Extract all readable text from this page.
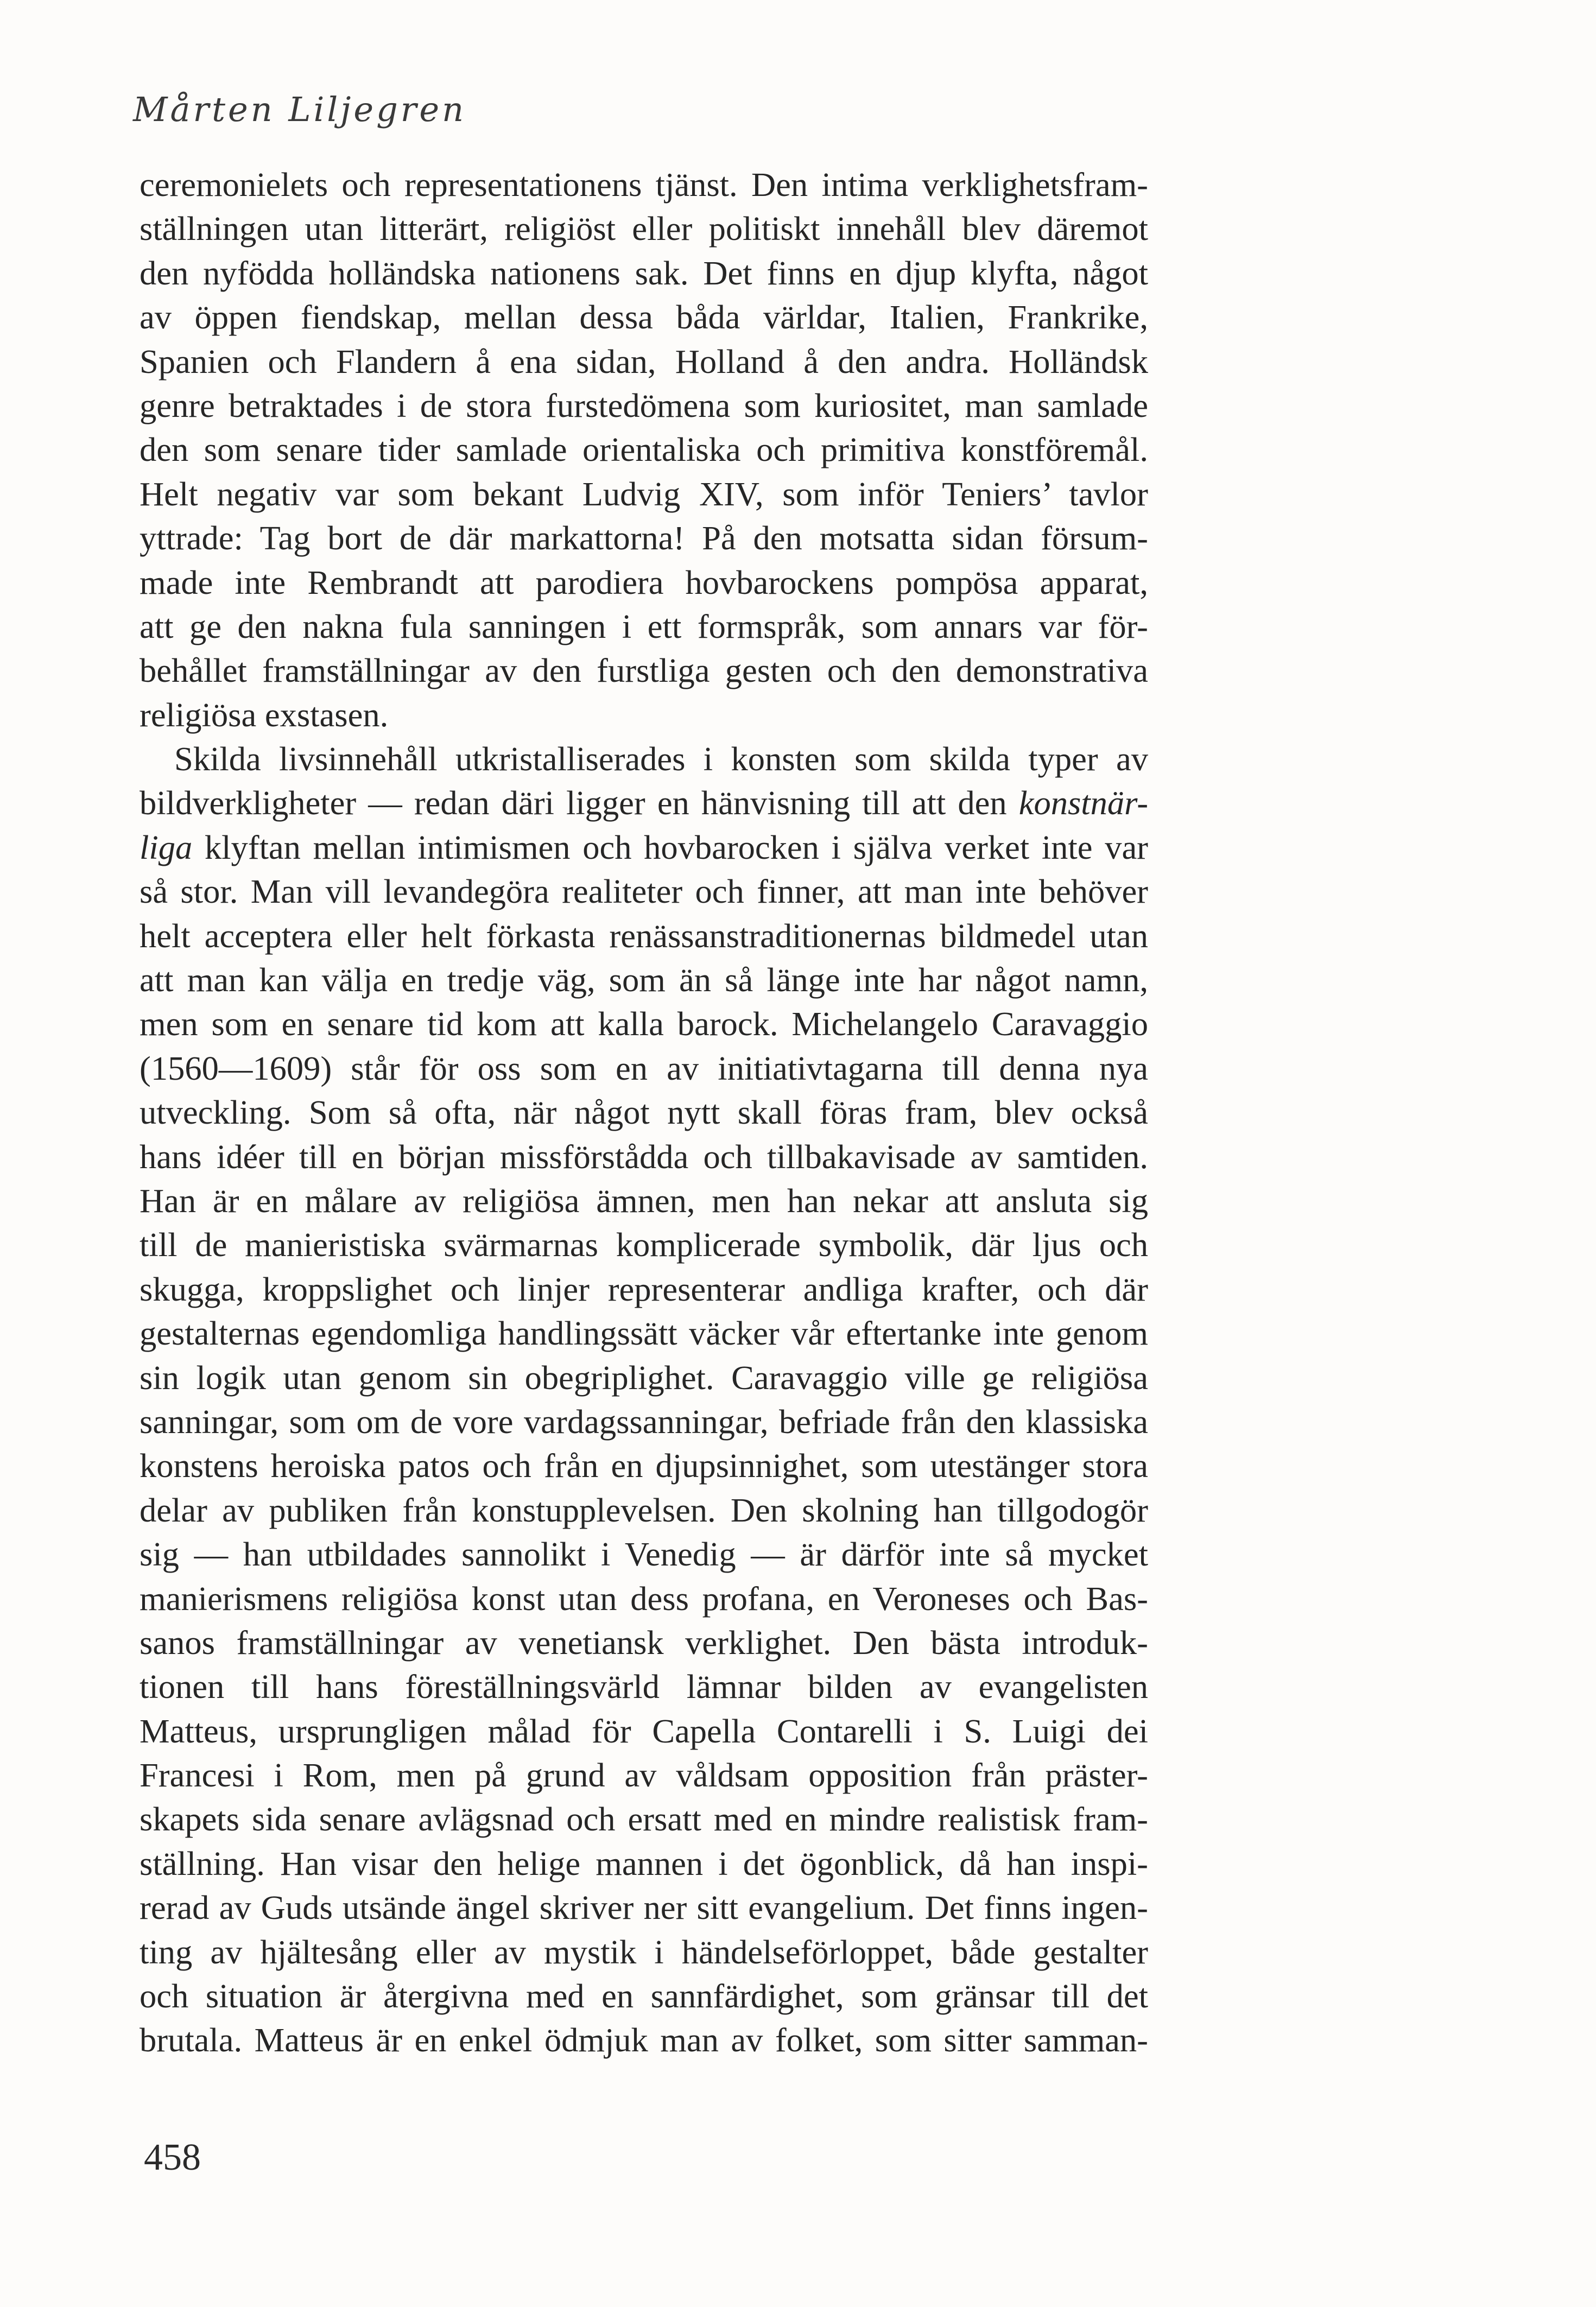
Mårten Liljegren
ceremonielets och representationens tjänst. Den intima verklighetsfram-
ställningen utan litterärt, religiöst eller politiskt innehåll blev däremot
den nyfödda holländska nationens sak. Det finns en djup klyfta, något
av öppen fiendskap, mellan dessa båda världar, Italien, Frankrike,
Spanien och Flandern å ena sidan, Holland å den andra. Holländsk
genre betraktades i de stora furstedömena som kuriositet, man samlade
den som senare tider samlade orientaliska och primitiva konstföremål.
Helt negativ var som bekant Ludvig XIV, som inför Teniers’ tavlor
yttrade: Tag bort de där markattorna! På den motsatta sidan försum-
made inte Rembrandt att parodiera hovbarockens pompösa apparat,
att ge den nakna fula sanningen i ett formspråk, som annars var för-
behållet framställningar av den furstliga gesten och den demonstrativa
religiösa exstasen.
Skilda livsinnehåll utkristalliserades i konsten som skilda typer av
bildverkligheter — redan däri ligger en hänvisning till att den konstnär-
liga klyftan mellan intimismen och hovbarocken i själva verket inte var
så stor. Man vill levandegöra realiteter och finner, att man inte behöver
helt acceptera eller helt förkasta renässanstraditionernas bildmedel utan
att man kan välja en tredje väg, som än så länge inte har något namn,
men som en senare tid kom att kalla barock. Michelangelo Caravaggio
(1560—1609) står för oss som en av initiativtagarna till denna nya
utveckling. Som så ofta, när något nytt skall föras fram, blev också
hans idéer till en början missförstådda och tillbakavisade av samtiden.
Han är en målare av religiösa ämnen, men han nekar att ansluta sig
till de manieristiska svärmarnas komplicerade symbolik, där ljus och
skugga, kroppslighet och linjer representerar andliga krafter, och där
gestalternas egendomliga handlingssätt väcker vår eftertanke inte genom
sin logik utan genom sin obegriplighet. Caravaggio ville ge religiösa
sanningar, som om de vore vardagssanningar, befriade från den klassiska
konstens heroiska patos och från en djupsinnighet, som utestänger stora
delar av publiken från konstupplevelsen. Den skolning han tillgodogör
sig — han utbildades sannolikt i Venedig — är därför inte så mycket
manierismens religiösa konst utan dess profana, en Veroneses och Bas-
sanos framställningar av venetiansk verklighet. Den bästa introduk-
tionen till hans föreställningsvärld lämnar bilden av evangelisten
Matteus, ursprungligen målad för Capella Contarelli i S. Luigi dei
Francesi i Rom, men på grund av våldsam opposition från präster-
skapets sida senare avlägsnad och ersatt med en mindre realistisk fram-
ställning. Han visar den helige mannen i det ögonblick, då han inspi-
rerad av Guds utsände ängel skriver ner sitt evangelium. Det finns ingen-
ting av hjältesång eller av mystik i händelseförloppet, både gestalter
och situation är återgivna med en sannfärdighet, som gränsar till det
brutala. Matteus är en enkel ödmjuk man av folket, som sitter samman-
458
